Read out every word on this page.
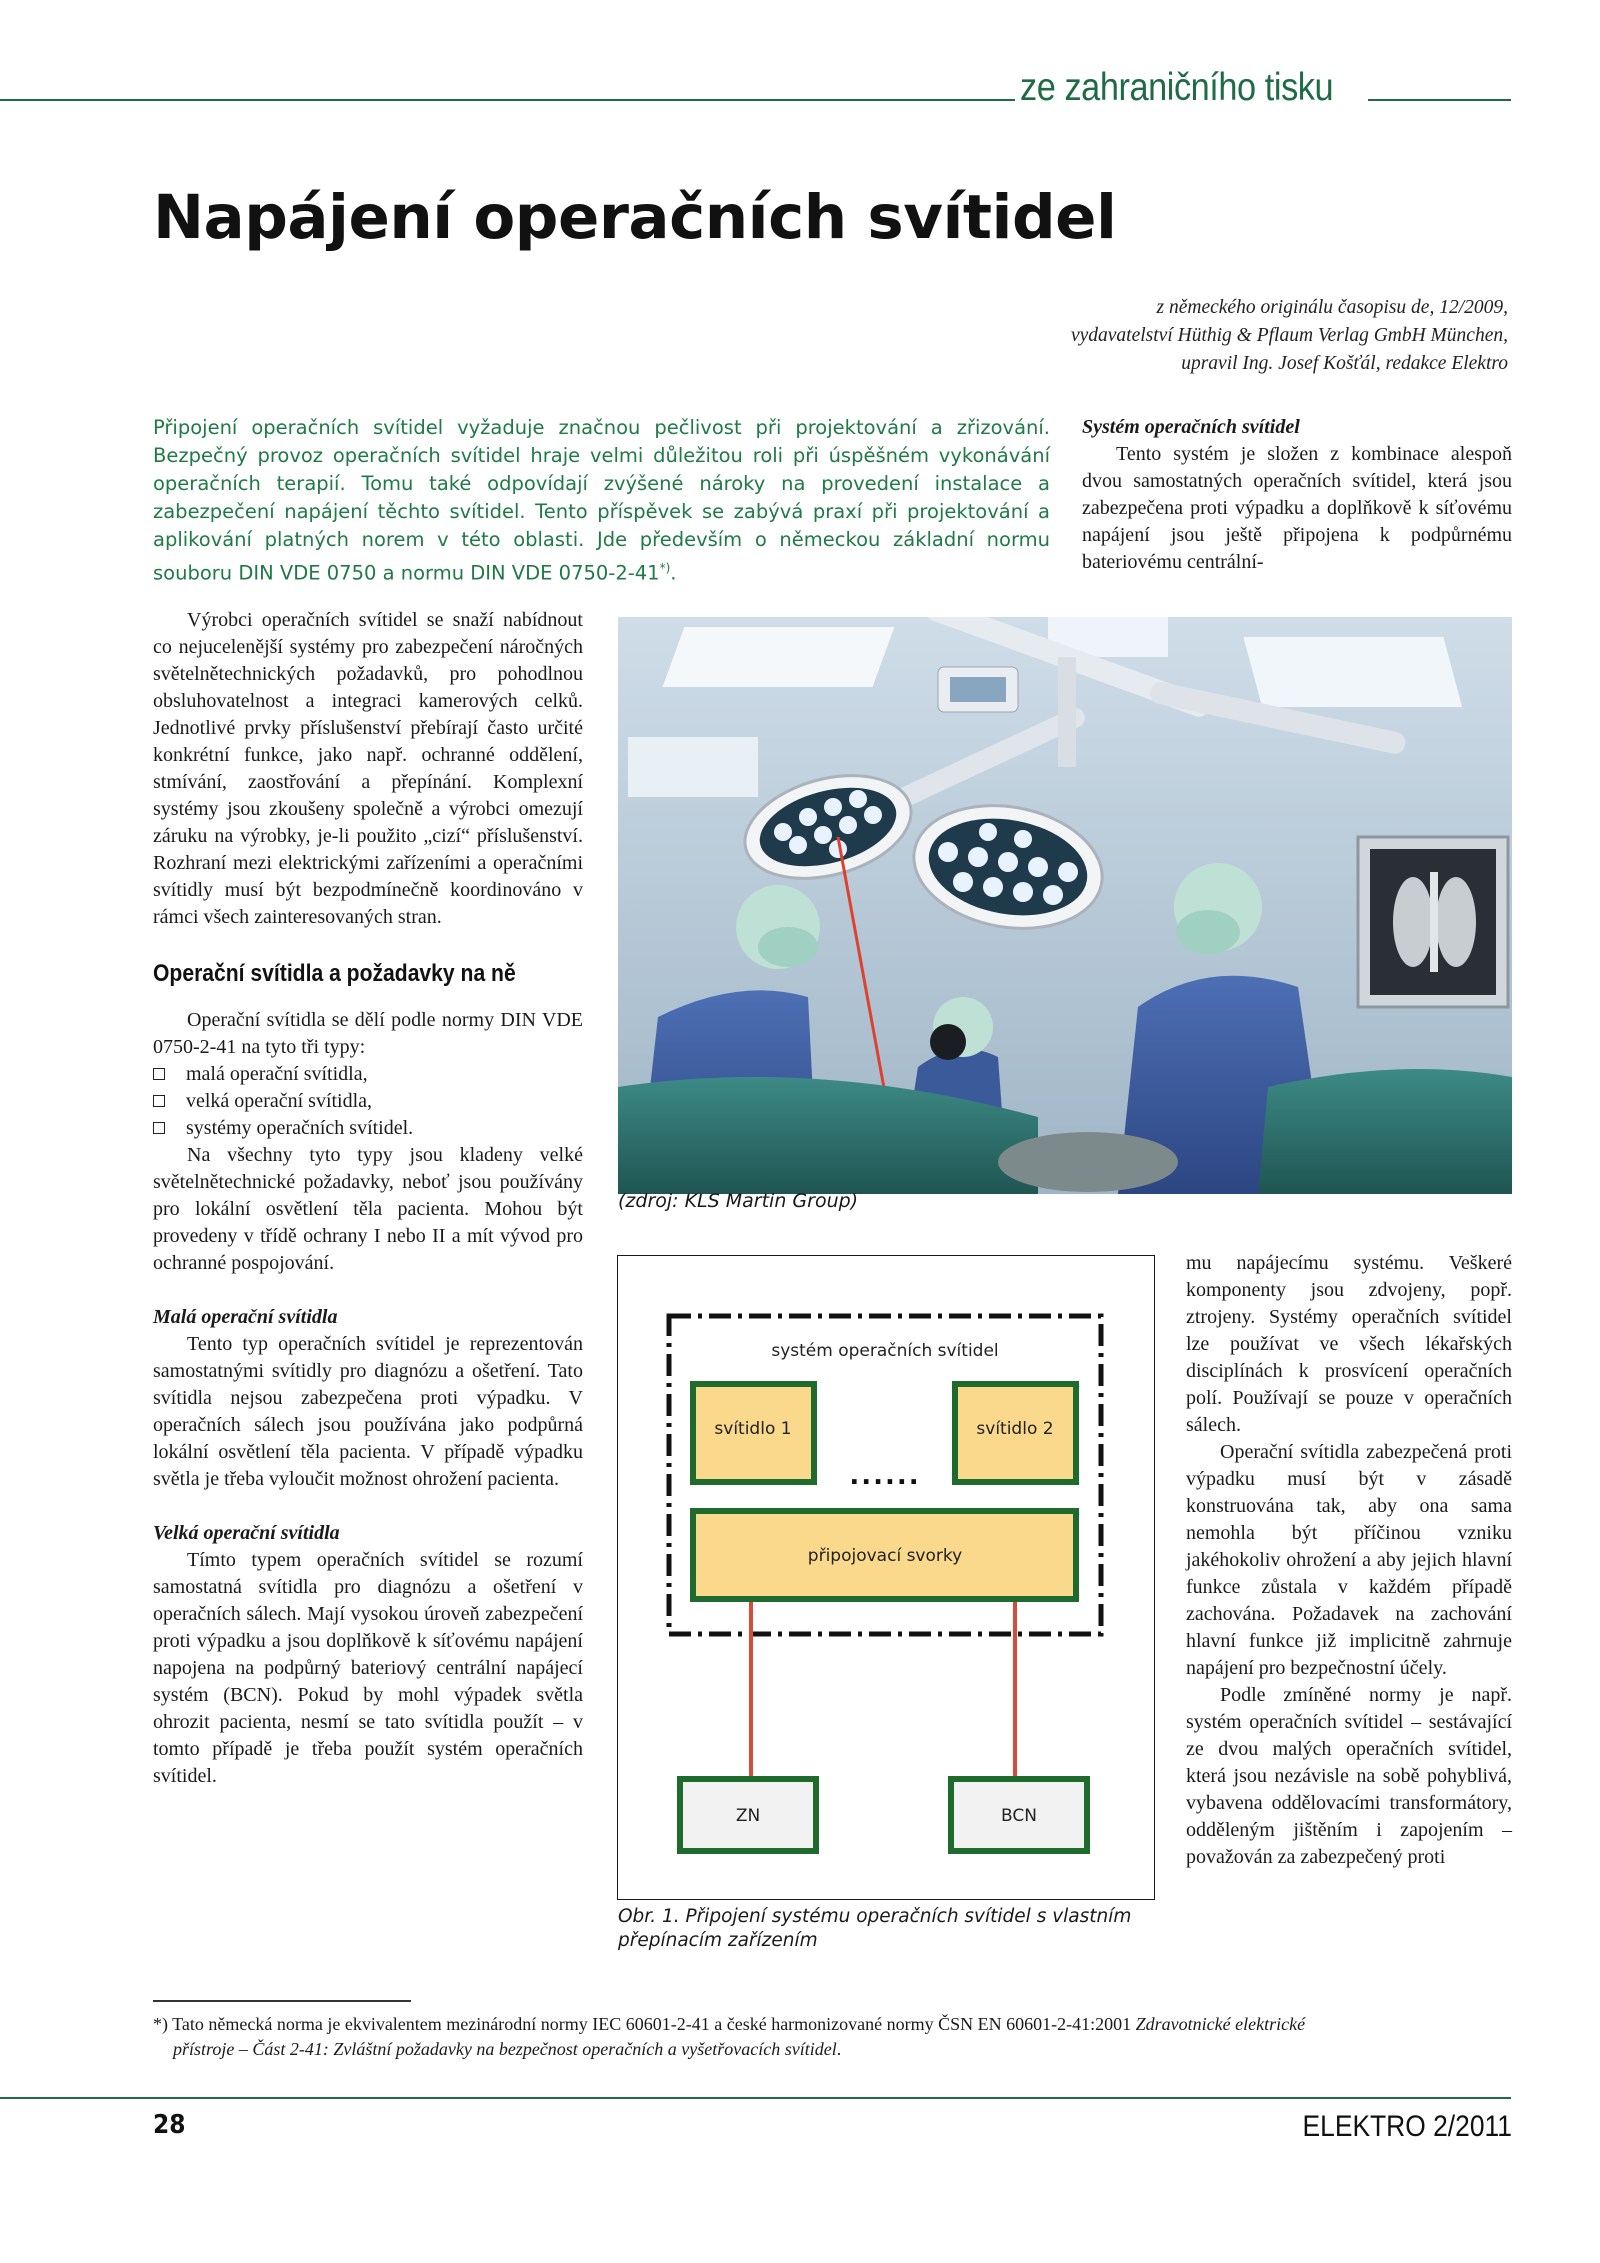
ze zahraničního tisku
Napájení operačních svítidel
z německého originálu časopisu de, 12/2009,
vydavatelství Hüthig & Pflaum Verlag GmbH München,
upravil Ing. Josef Košťál, redakce Elektro
Připojení operačních svítidel vyžaduje značnou pečlivost při projektování a zřizování. Bezpečný provoz operačních svítidel hraje velmi důležitou roli při úspěšném vykonávání operačních terapií. Tomu také odpovídají zvýšené nároky na provedení instalace a zabezpečení napájení těchto svítidel. Tento příspěvek se zabývá praxí při projektování a aplikování platných norem v této oblasti. Jde především o německou základní normu souboru DIN VDE 0750 a normu DIN VDE 0750-2-41*).

Systém operačních svítidel

Tento systém je složen z kombinace alespoň dvou samostatných operačních svítidel, která jsou zabezpečena proti výpadku a doplňkově k síťovému napájení jsou ještě připojena k podpůrnému bateriovému centrální-

Výrobci operačních svítidel se snaží nabídnout co nejucelenější systémy pro zabezpečení náročných světelnětechnických požadavků, pro pohodlnou obsluhovatelnost a integraci kamerových celků. Jednotlivé prvky příslušenství přebírají často určité konkrétní funkce, jako např. ochranné oddělení, stmívání, zaostřování a přepínání. Komplexní systémy jsou zkoušeny společně a výrobci omezují záruku na výrobky, je-li použito „cizí“ příslušenství. Rozhraní mezi elektrickými zařízeními a operačními svítidly musí být bezpodmínečně koordinováno v rámci všech zainteresovaných stran.

Operační svítidla a požadavky na ně

Operační svítidla se dělí podle normy DIN VDE 0750-2-41 na tyto tři typy:

malá operační svítidla,
velká operační svítidla,
systémy operačních svítidel.

Na všechny tyto typy jsou kladeny velké světelnětechnické požadavky, neboť jsou používány pro lokální osvětlení těla pacienta. Mohou být provedeny v třídě ochrany I nebo II a mít vývod pro ochranné pospojování.

Malá operační svítidla

Tento typ operačních svítidel je reprezentován samostatnými svítidly pro diagnózu a ošetření. Tato svítidla nejsou zabezpečena proti výpadku. V operačních sálech jsou používána jako podpůrná lokální osvětlení těla pacienta. V případě výpadku světla je třeba vyloučit možnost ohrožení pacienta.

Velká operační svítidla

Tímto typem operačních svítidel se rozumí samostatná svítidla pro diagnózu a ošetření v operačních sálech. Mají vysokou úroveň zabezpečení proti výpadku a jsou doplňkově k síťovému napájení napojena na podpůrný bateriový centrální napájecí systém (BCN). Pokud by mohl výpadek světla ohrozit pacienta, nesmí se tato svítidla použít – v tomto případě je třeba použít systém operačních svítidel.

(zdroj: KLS Martin Group)

mu napájecímu systému. Veškeré komponenty jsou zdvojeny, popř. ztrojeny. Systémy operačních svítidel lze používat ve všech lékařských disciplínách k prosvícení operačních polí. Používají se pouze v operačních sálech.

Operační svítidla zabezpečená proti výpadku musí být v zásadě konstruována tak, aby ona sama nemohla být příčinou vzniku jakéhokoliv ohrožení a aby jejich hlavní funkce zůstala v každém případě zachována. Požadavek na zachování hlavní funkce již implicitně zahrnuje napájení pro bezpečnostní účely.

Podle zmíněné normy je např. systém operačních svítidel – sestávající ze dvou malých operačních svítidel, která jsou nezávisle na sobě pohyblivá, vybavena oddělovacími transformátory, odděleným jištěním i zapojením – považován za zabezpečený proti

systém operačních svítidel
svítidlo 1	svítidlo 2
......
připojovací svorky
ZN	BCN
Obr. 1. Připojení systému operačních svítidel s vlastním přepínacím zařízením
*) Tato německá norma je ekvivalentem mezinárodní normy IEC 60601-2-41 a české harmonizované normy ČSN EN 60601-2-41:2001 Zdravotnické elektrické
přístroje – Část 2-41: Zvláštní požadavky na bezpečnost operačních a vyšetřovacích svítidel.
28	ELEKTRO 2/2011
